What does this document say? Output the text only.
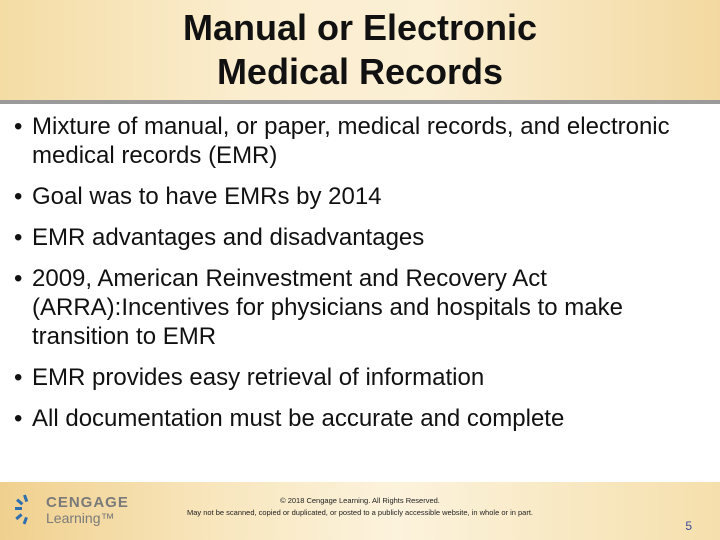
Manual or Electronic
Medical Records
• Mixture of manual, or paper, medical records, and electronic medical records (EMR)
• Goal was to have EMRs by 2014
• EMR advantages and disadvantages
• 2009, American Reinvestment and Recovery Act (ARRA):Incentives for physicians and hospitals to make transition to EMR
• EMR provides easy retrieval of information
• All documentation must be accurate and complete
CENGAGE
Learning™
© 2018 Cengage Learning. All Rights Reserved.
May not be scanned, copied or duplicated, or posted to a publicly accessible website, in whole or in part.
5
